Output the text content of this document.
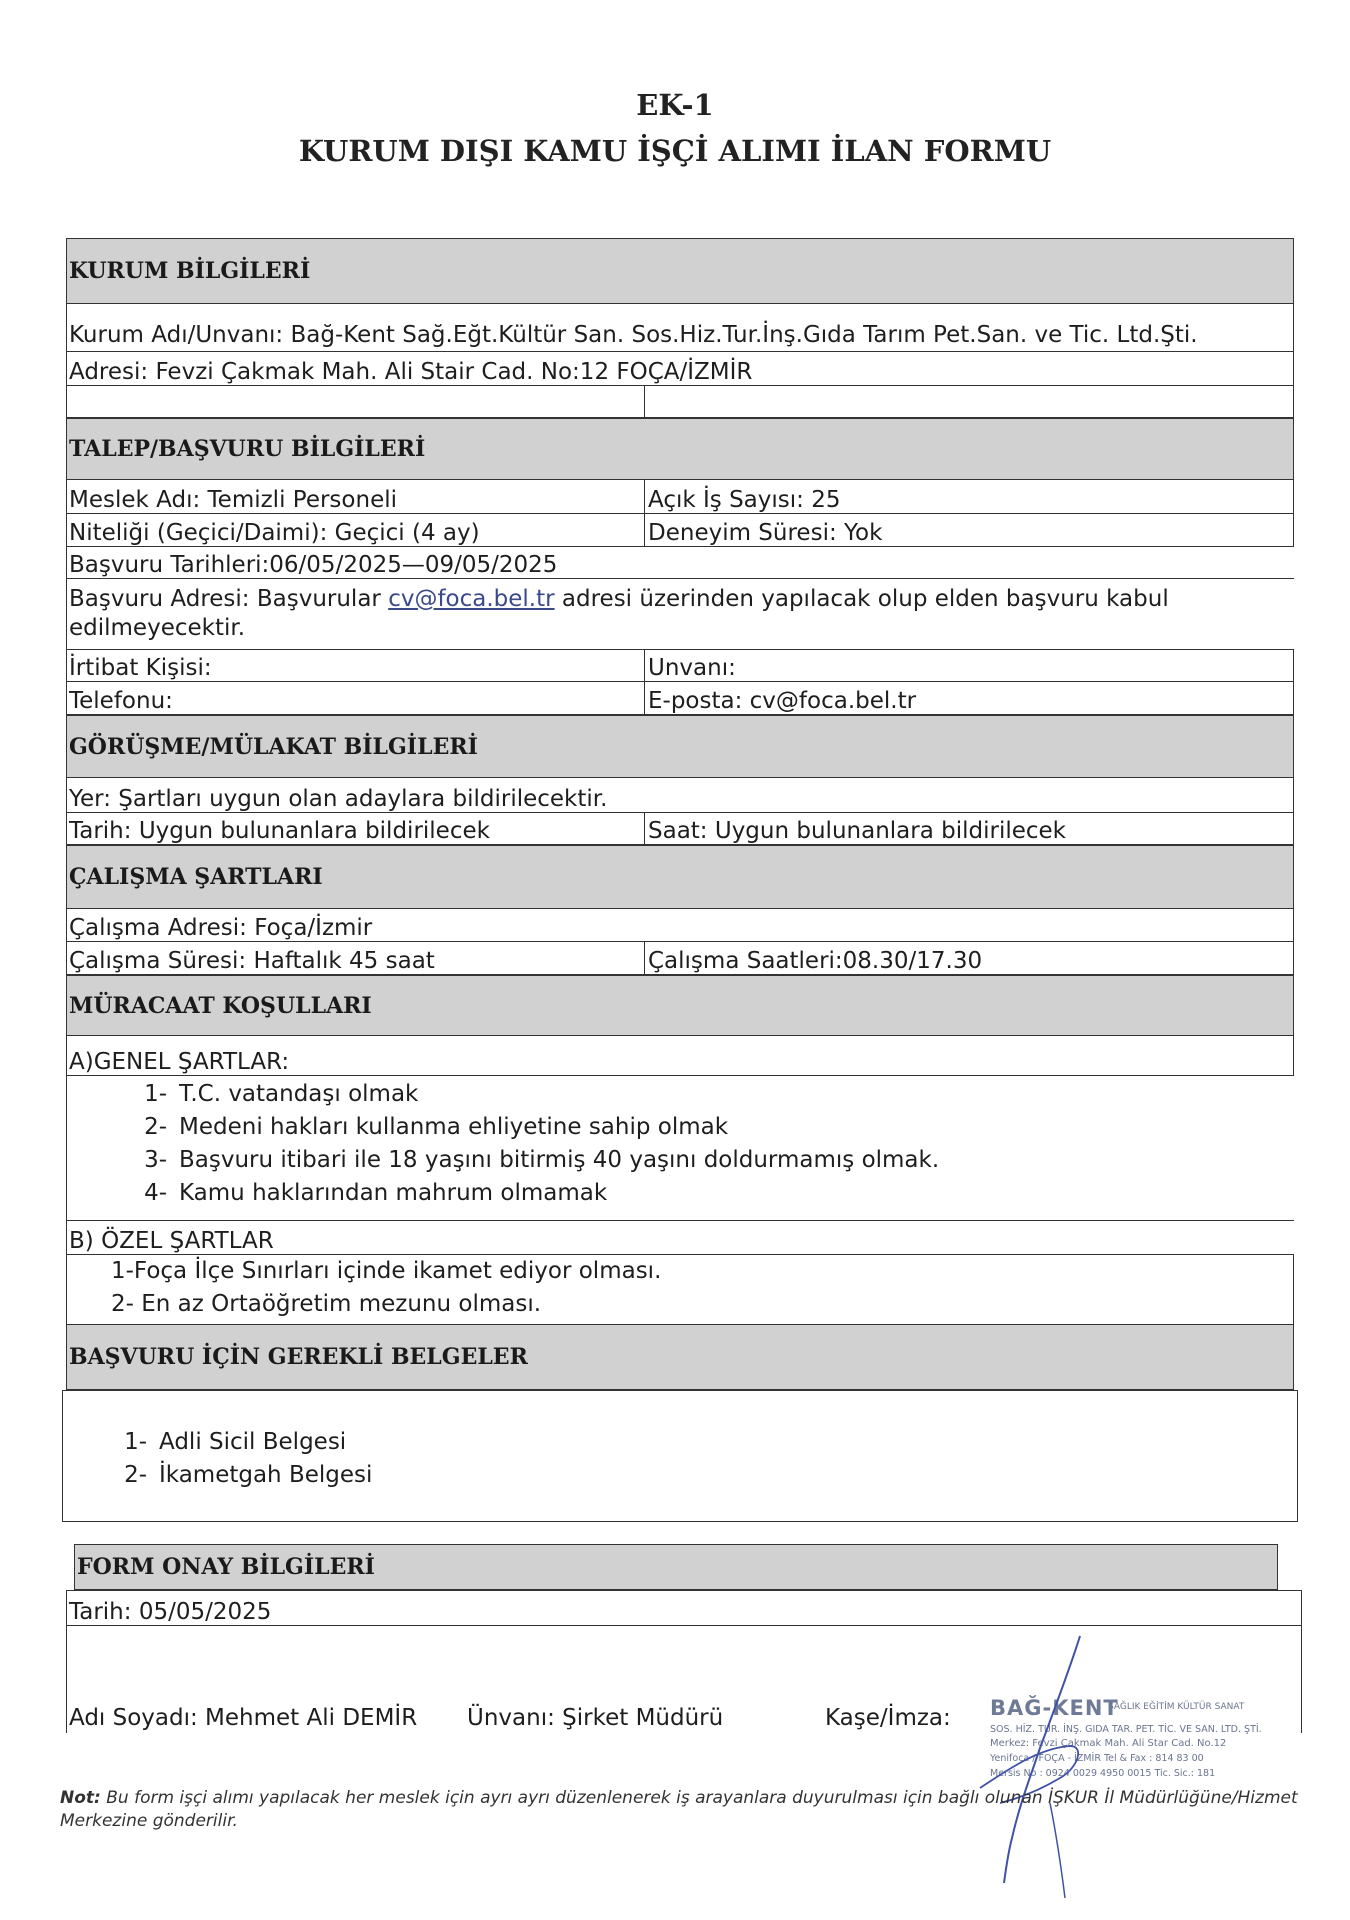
EK-1
KURUM DIŞI KAMU İŞÇİ ALIMI İLAN FORMU
KURUM BİLGİLERİ
Kurum Adı/Unvanı: Bağ-Kent Sağ.Eğt.Kültür San. Sos.Hiz.Tur.İnş.Gıda Tarım Pet.San. ve Tic. Ltd.Şti.
Adresi: Fevzi Çakmak Mah. Ali Stair Cad. No:12 FOÇA/İZMİR
TALEP/BAŞVURU BİLGİLERİ
Meslek Adı: Temizli Personeli	Açık İş Sayısı: 25
Niteliği (Geçici/Daimi): Geçici (4 ay)	Deneyim Süresi: Yok
Başvuru Tarihleri:06/05/2025—09/05/2025
Başvuru Adresi: Başvurular cv@foca.bel.tr adresi üzerinden yapılacak olup elden başvuru kabul edilmeyecektir.
İrtibat Kişisi:	Unvanı:
Telefonu:	E-posta: cv@foca.bel.tr
GÖRÜŞME/MÜLAKAT BİLGİLERİ
Yer: Şartları uygun olan adaylara bildirilecektir.
Tarih: Uygun bulunanlara bildirilecek	Saat: Uygun bulunanlara bildirilecek
ÇALIŞMA ŞARTLARI
Çalışma Adresi: Foça/İzmir
Çalışma Süresi: Haftalık 45 saat	Çalışma Saatleri:08.30/17.30
MÜRACAAT KOŞULLARI
A)GENEL ŞARTLAR:
1- T.C. vatandaşı olmak
2- Medeni hakları kullanma ehliyetine sahip olmak
3- Başvuru itibari ile 18 yaşını bitirmiş 40 yaşını doldurmamış olmak.
4- Kamu haklarından mahrum olmamak
B) ÖZEL ŞARTLAR
1-Foça İlçe Sınırları içinde ikamet ediyor olması.
2- En az Ortaöğretim mezunu olması.
BAŞVURU İÇİN GEREKLİ BELGELER
1- Adli Sicil Belgesi
2- İkametgah Belgesi
FORM ONAY BİLGİLERİ
Tarih: 05/05/2025
Adı Soyadı: Mehmet Ali DEMİR	Ünvanı: Şirket Müdürü	Kaşe/İmza: BAĞ-KENT
SAĞLIK EĞİTİM KÜLTÜR SANAT
SOS. HİZ. TUR. İNŞ. GIDA TAR. PET. TİC. VE SAN. LTD. ŞTİ.
Merkez: Fevzi Çakmak Mah. Ali Star Cad. No.12
Yenifoça / FOÇA - İZMİR Tel & Fax : 814 83 00
Mersis No : 0924 0029 4950 0015 Tic. Sic.: 181
Not: Bu form işçi alımı yapılacak her meslek için ayrı ayrı düzenlenerek iş arayanlara duyurulması için bağlı olunan İŞKUR İl Müdürlüğüne/Hizmet Merkezine gönderilir.
